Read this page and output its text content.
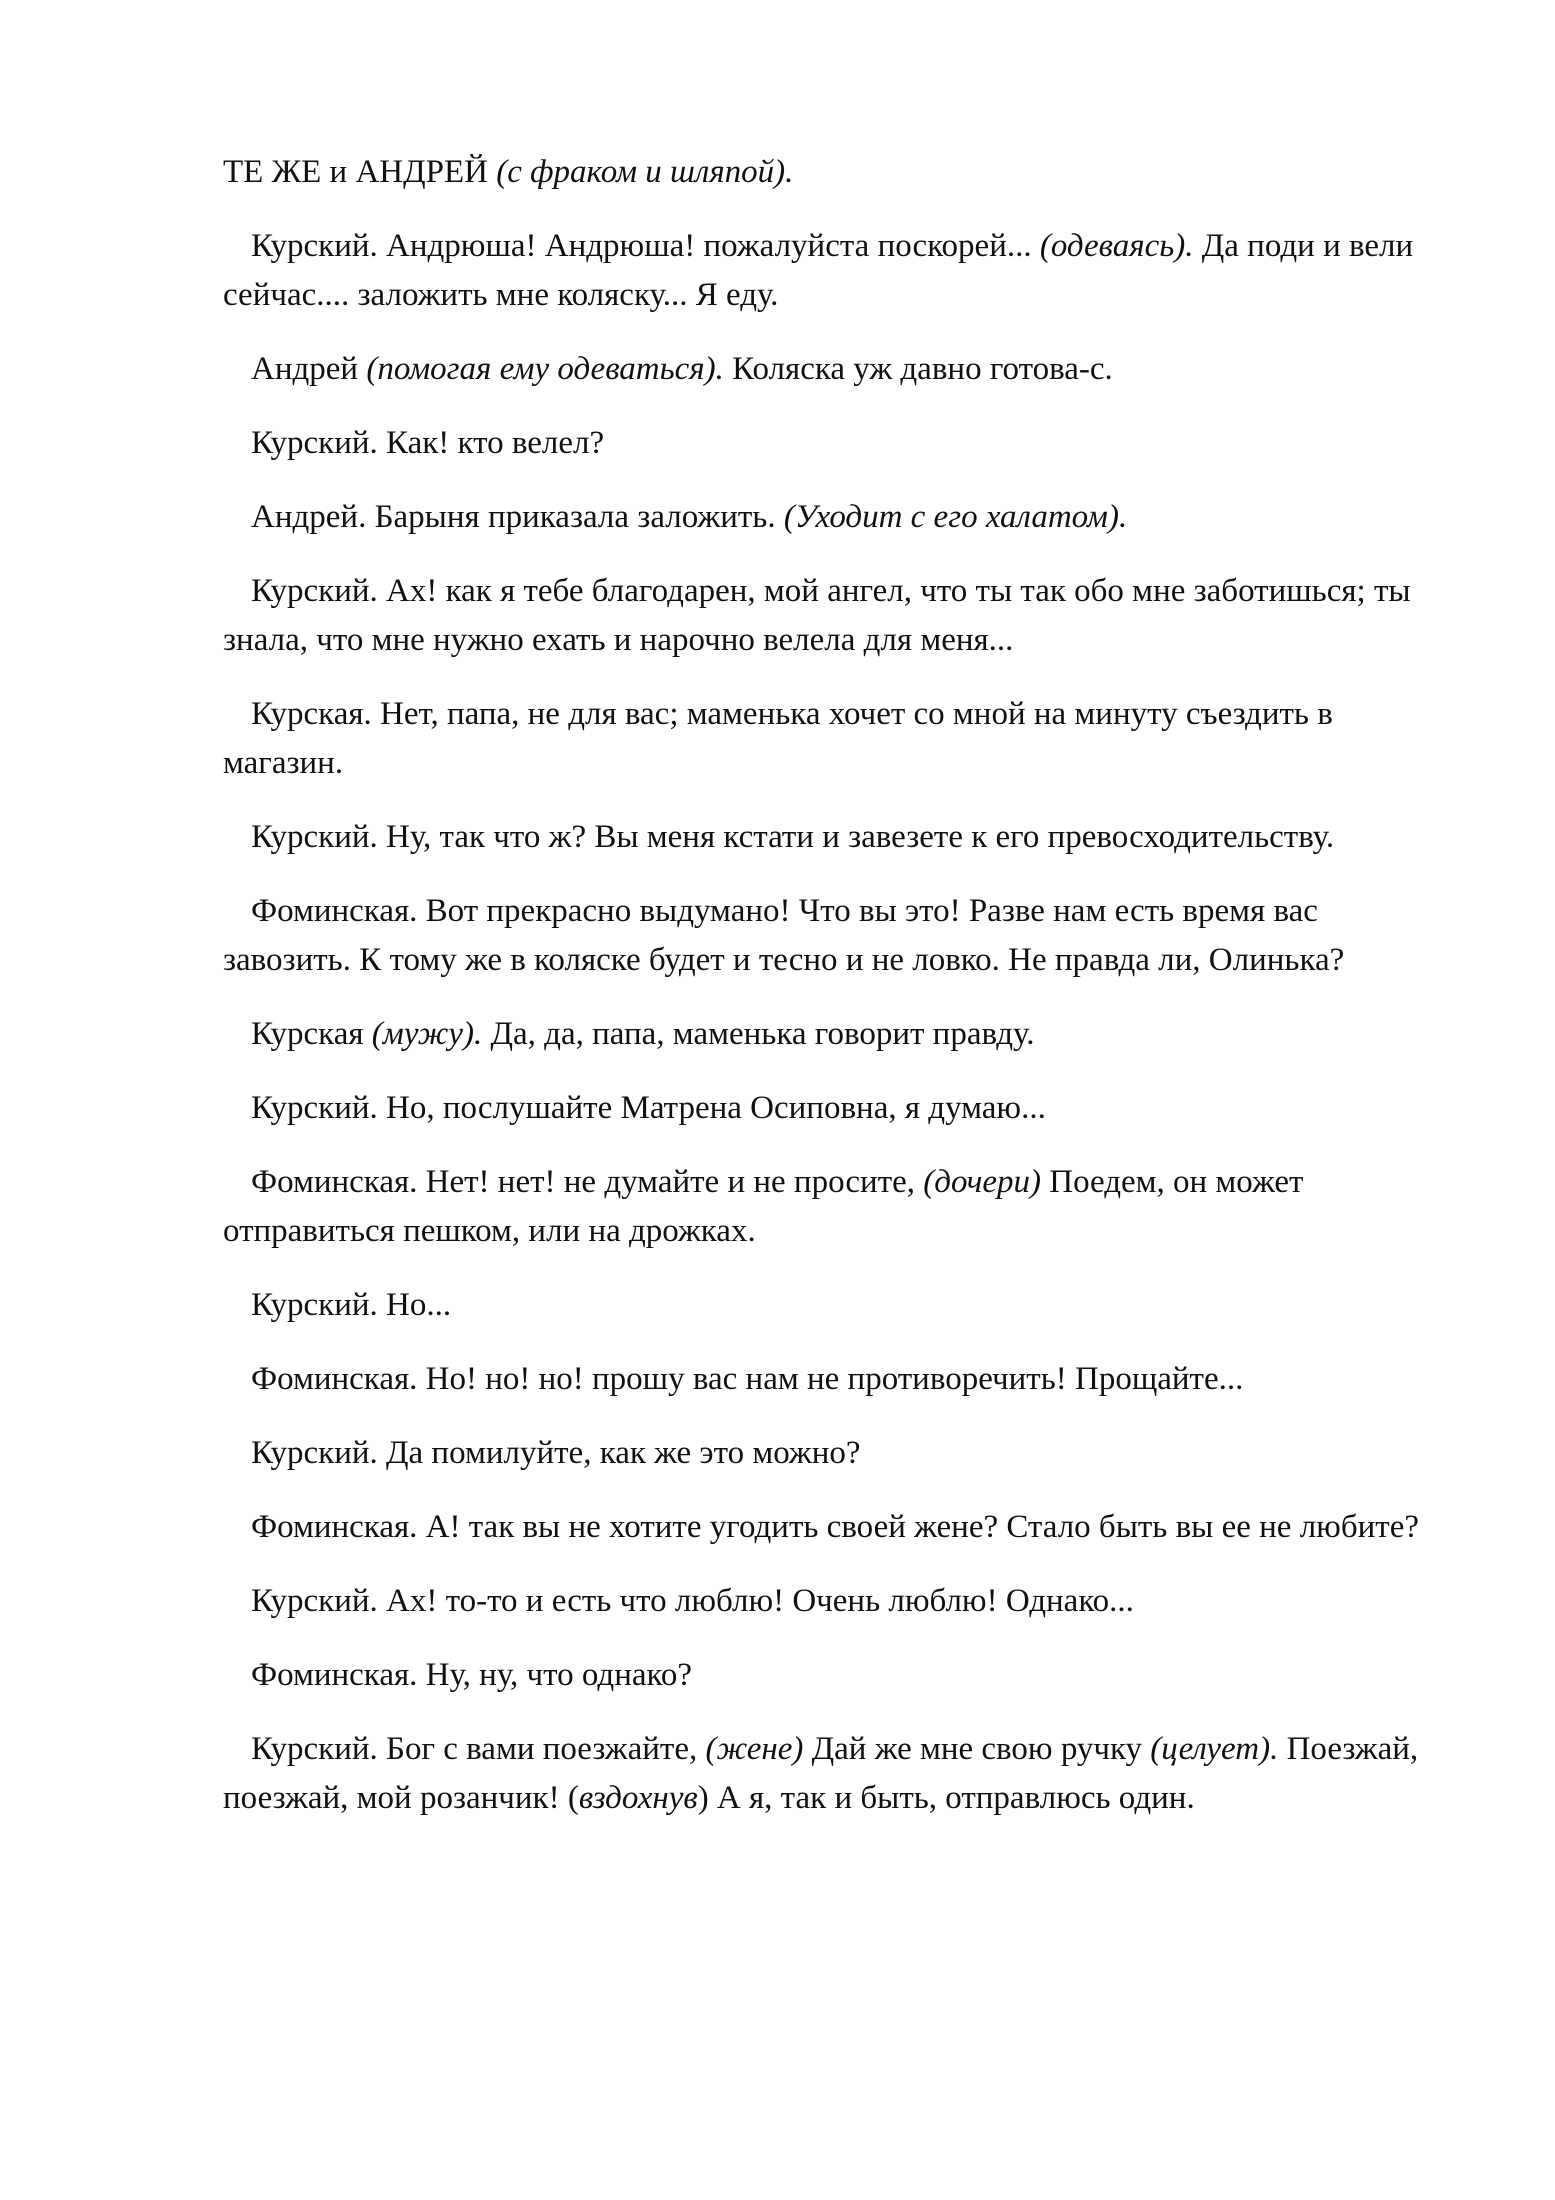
ТЕ ЖЕ и АНДРЕЙ (с фраком и шляпой).

Курский. Андрюша! Андрюша! пожалуйста поскорей... (одеваясь). Да поди и вели сейчас.... заложить мне коляску... Я еду.

Андрей (помогая ему одеваться). Коляска уж давно готова-с.

Курский. Как! кто велел?

Андрей. Барыня приказала заложить. (Уходит с его халатом).

Курский. Ах! как я тебе благодарен, мой ангел, что ты так обо мне заботишься; ты знала, что мне нужно ехать и нарочно велела для меня...

Курская. Нет, папа, не для вас; маменька хочет со мной на минуту съездить в магазин.

Курский. Ну, так что ж? Вы меня кстати и завезете к его превосходительству.

Фоминская. Вот прекрасно выдумано! Что вы это! Разве нам есть время вас завозить. К тому же в коляске будет и тесно и не ловко. Не правда ли, Олинька?

Курская (мужу). Да, да, папа, маменька говорит правду.

Курский. Но, послушайте Матрена Осиповна, я думаю...

Фоминская. Нет! нет! не думайте и не просите, (дочери) Поедем, он может отправиться пешком, или на дрожках.

Курский. Но...

Фоминская. Но! но! но! прошу вас нам не противоречить! Прощайте...

Курский. Да помилуйте, как же это можно?

Фоминская. А! так вы не хотите угодить своей жене? Стало быть вы ее не любите?

Курский. Ах! то-то и есть что люблю! Очень люблю! Однако...

Фоминская. Ну, ну, что однако?

Курский. Бог с вами поезжайте, (жене) Дай же мне свою ручку (целует). Поезжай, поезжай, мой розанчик! (вздохнув) А я, так и быть, отправлюсь один.
